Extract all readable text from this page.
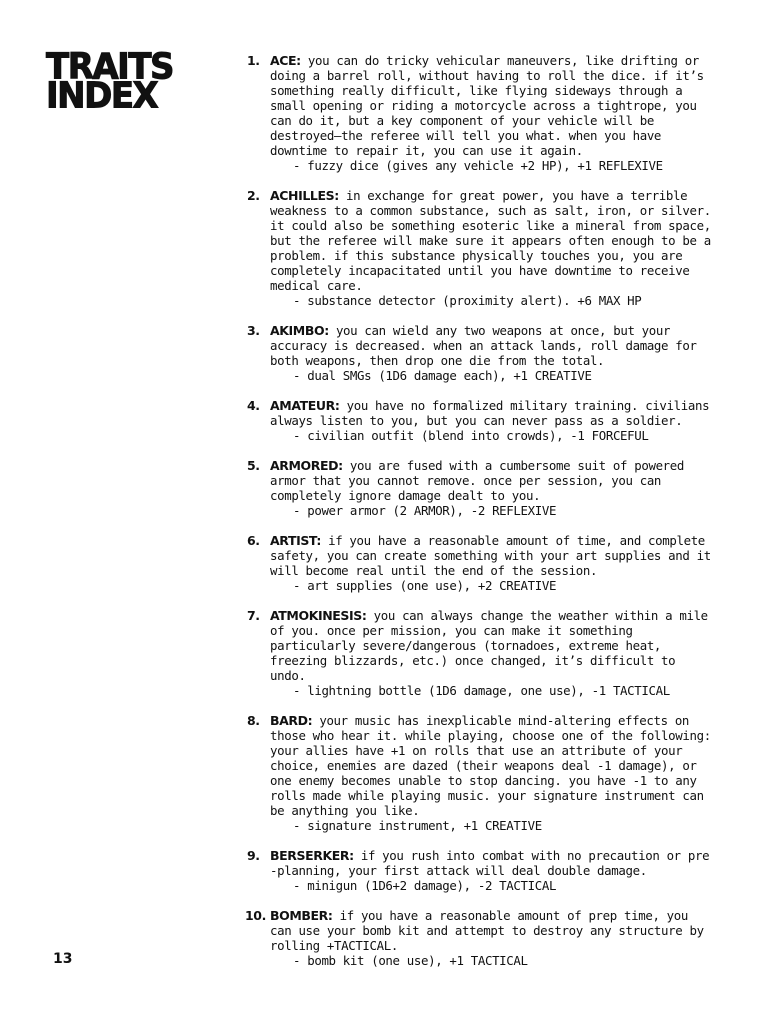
TRAITS
INDEX
1. ACE: you can do tricky vehicular maneuvers, like drifting or doing a barrel roll, without having to roll the dice. if it’s something really difficult, like flying sideways through a small opening or riding a motorcycle across a tightrope, you can do it, but a key component of your vehicle will be destroyed—the referee will tell you what. when you have downtime to repair it, you can use it again.
- fuzzy dice (gives any vehicle +2 HP), +1 REFLEXIVE
2. ACHILLES: in exchange for great power, you have a terrible weakness to a common substance, such as salt, iron, or silver. it could also be something esoteric like a mineral from space, but the referee will make sure it appears often enough to be a problem. if this substance physically touches you, you are completely incapacitated until you have downtime to receive medical care.
- substance detector (proximity alert). +6 MAX HP
3. AKIMBO: you can wield any two weapons at once, but your accuracy is decreased. when an attack lands, roll damage for both weapons, then drop one die from the total.
- dual SMGs (1D6 damage each), +1 CREATIVE
4. AMATEUR: you have no formalized military training. civilians always listen to you, but you can never pass as a soldier.
- civilian outfit (blend into crowds), -1 FORCEFUL
5. ARMORED: you are fused with a cumbersome suit of powered armor that you cannot remove. once per session, you can completely ignore damage dealt to you.
- power armor (2 ARMOR), -2 REFLEXIVE
6. ARTIST: if you have a reasonable amount of time, and complete safety, you can create something with your art supplies and it will become real until the end of the session.
- art supplies (one use), +2 CREATIVE
7. ATMOKINESIS: you can always change the weather within a mile of you. once per mission, you can make it something particularly severe/dangerous (tornadoes, extreme heat, freezing blizzards, etc.) once changed, it’s difficult to undo.
- lightning bottle (1D6 damage, one use), -1 TACTICAL
8. BARD: your music has inexplicable mind-altering effects on those who hear it. while playing, choose one of the following: your allies have +1 on rolls that use an attribute of your choice, enemies are dazed (their weapons deal -1 damage), or one enemy becomes unable to stop dancing. you have -1 to any rolls made while playing music. your signature instrument can be anything you like.
- signature instrument, +1 CREATIVE
9. BERSERKER: if you rush into combat with no precaution or pre -planning, your first attack will deal double damage.
- minigun (1D6+2 damage), -2 TACTICAL
10. BOMBER: if you have a reasonable amount of prep time, you can use your bomb kit and attempt to destroy any structure by rolling +TACTICAL.
- bomb kit (one use), +1 TACTICAL
13
